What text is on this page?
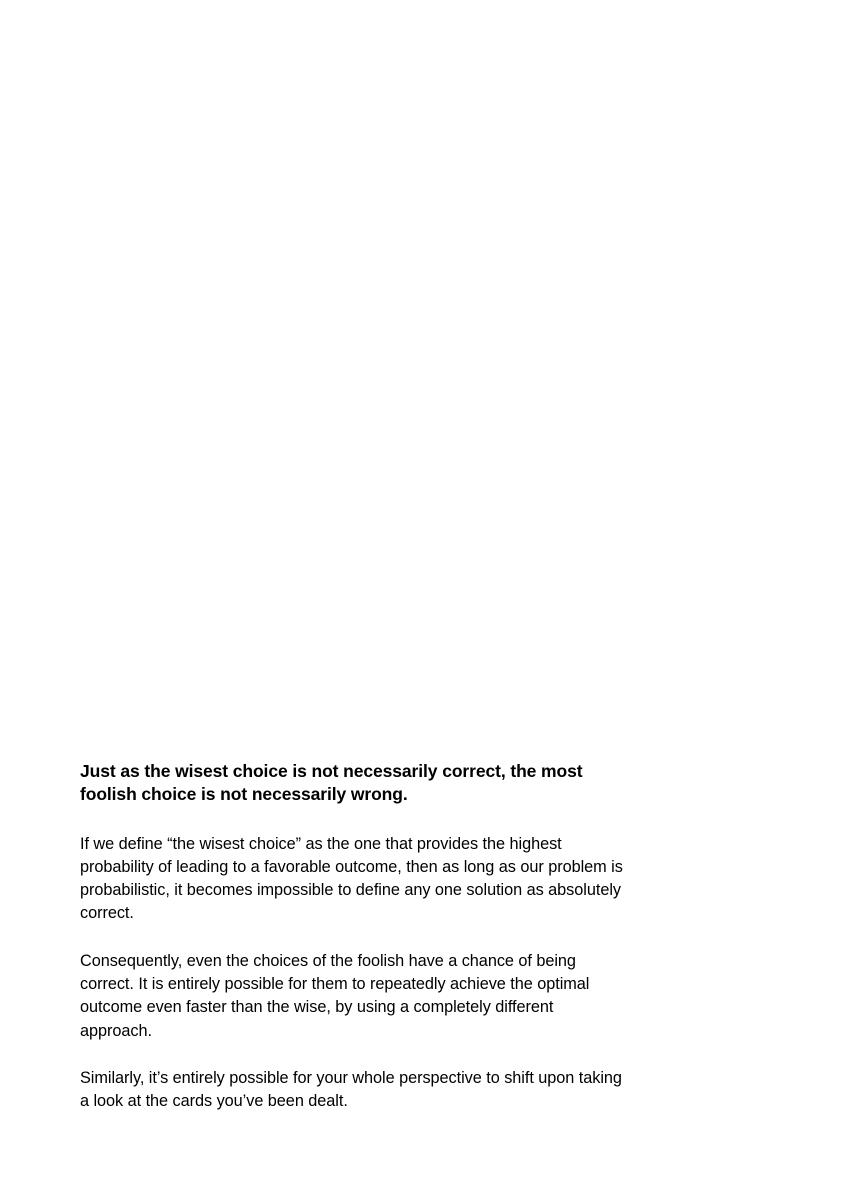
Just as the wisest choice is not necessarily correct, the most foolish choice is not necessarily wrong.

If we define “the wisest choice” as the one that provides the highest probability of leading to a favorable outcome, then as long as our problem is probabilistic, it becomes impossible to define any one solution as absolutely correct.

Consequently, even the choices of the foolish have a chance of being correct. It is entirely possible for them to repeatedly achieve the optimal outcome even faster than the wise, by using a completely different approach.

Similarly, it’s entirely possible for your whole perspective to shift upon taking a look at the cards you’ve been dealt.
